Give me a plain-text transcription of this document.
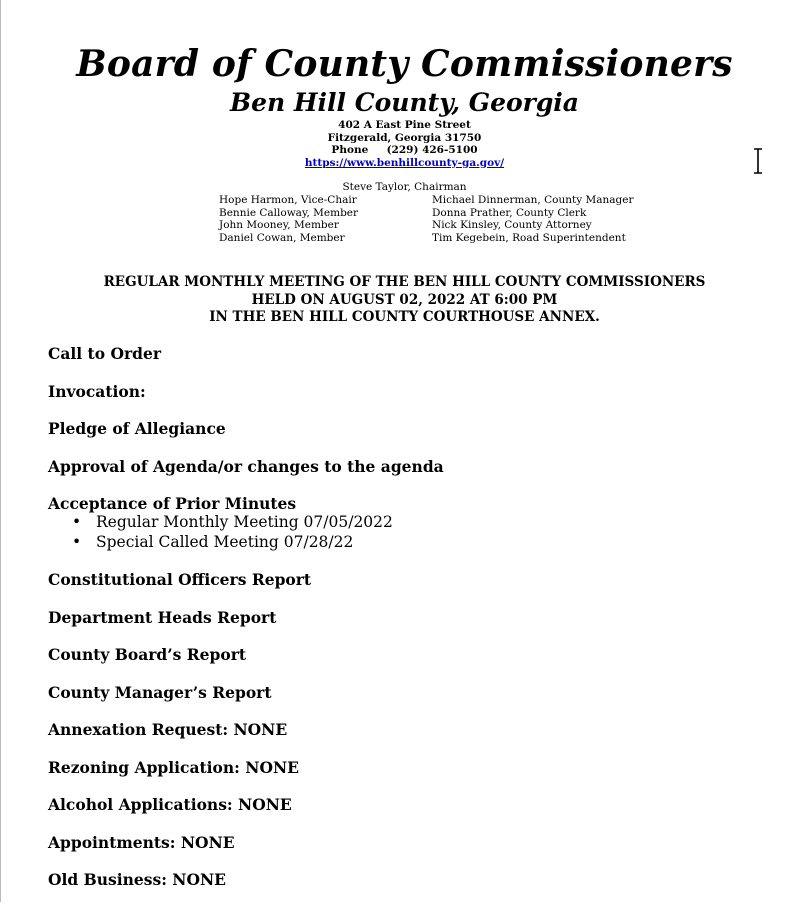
Board of County Commissioners
Ben Hill County, Georgia
402 A East Pine Street
Fitzgerald, Georgia 31750
Phone (229) 426-5100
https://www.benhillcounty-ga.gov/
Steve Taylor, Chairman
Hope Harmon, Vice-Chair
Bennie Calloway, Member
John Mooney, Member
Daniel Cowan, Member
Michael Dinnerman, County Manager
Donna Prather, County Clerk
Nick Kinsley, County Attorney
Tim Kegebein, Road Superintendent
REGULAR MONTHLY MEETING OF THE BEN HILL COUNTY COMMISSIONERS
HELD ON AUGUST 02, 2022 AT 6:00 PM
IN THE BEN HILL COUNTY COURTHOUSE ANNEX.
Call to Order
Invocation:
Pledge of Allegiance
Approval of Agenda/or changes to the agenda
Acceptance of Prior Minutes
• Regular Monthly Meeting 07/05/2022
• Special Called Meeting 07/28/22
Constitutional Officers Report
Department Heads Report
County Board’s Report
County Manager’s Report
Annexation Request: NONE
Rezoning Application: NONE
Alcohol Applications: NONE
Appointments: NONE
Old Business: NONE
